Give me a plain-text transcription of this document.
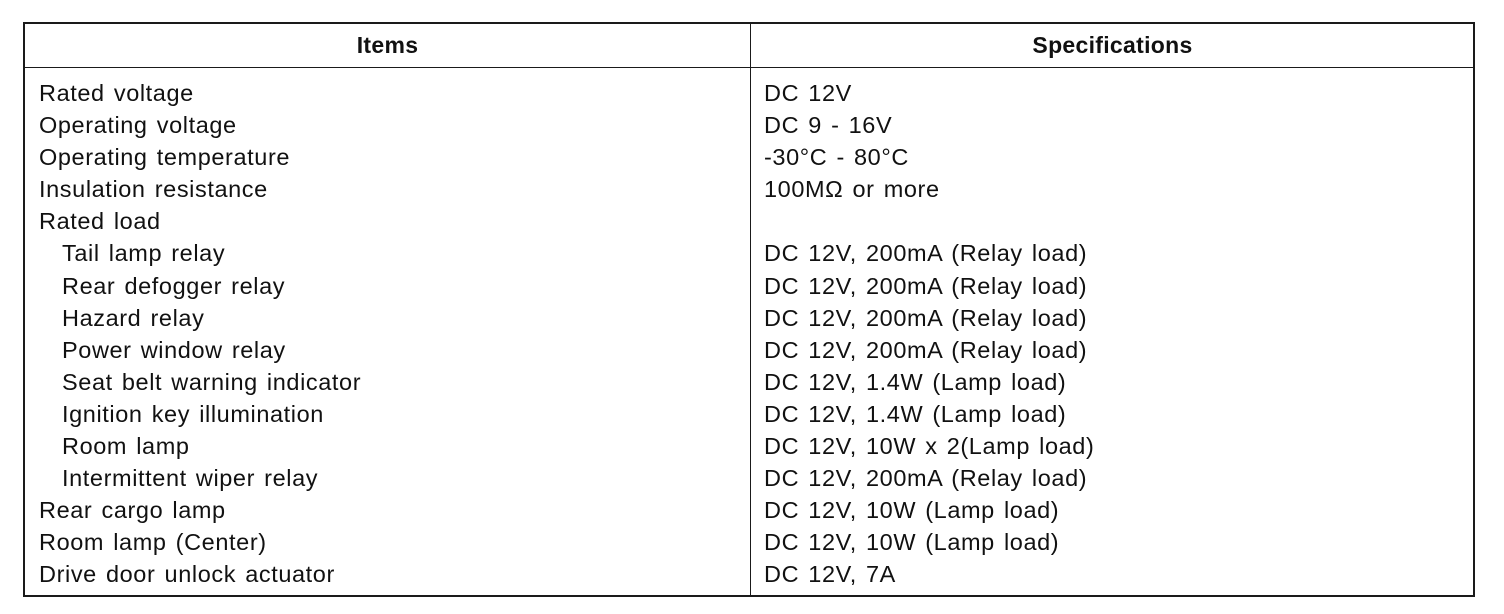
Items	Specifications
Rated voltage	DC 12V
Operating voltage	DC 9 - 16V
Operating temperature	-30°C - 80°C
Insulation resistance	100MΩ or more
Rated load
Tail lamp relay	DC 12V, 200mA (Relay load)
Rear defogger relay	DC 12V, 200mA (Relay load)
Hazard relay	DC 12V, 200mA (Relay load)
Power window relay	DC 12V, 200mA (Relay load)
Seat belt warning indicator	DC 12V, 1.4W (Lamp load)
Ignition key illumination	DC 12V, 1.4W (Lamp load)
Room lamp	DC 12V, 10W x 2(Lamp load)
Intermittent wiper relay	DC 12V, 200mA (Relay load)
Rear cargo lamp	DC 12V, 10W (Lamp load)
Room lamp (Center)	DC 12V, 10W (Lamp load)
Drive door unlock actuator	DC 12V, 7A
